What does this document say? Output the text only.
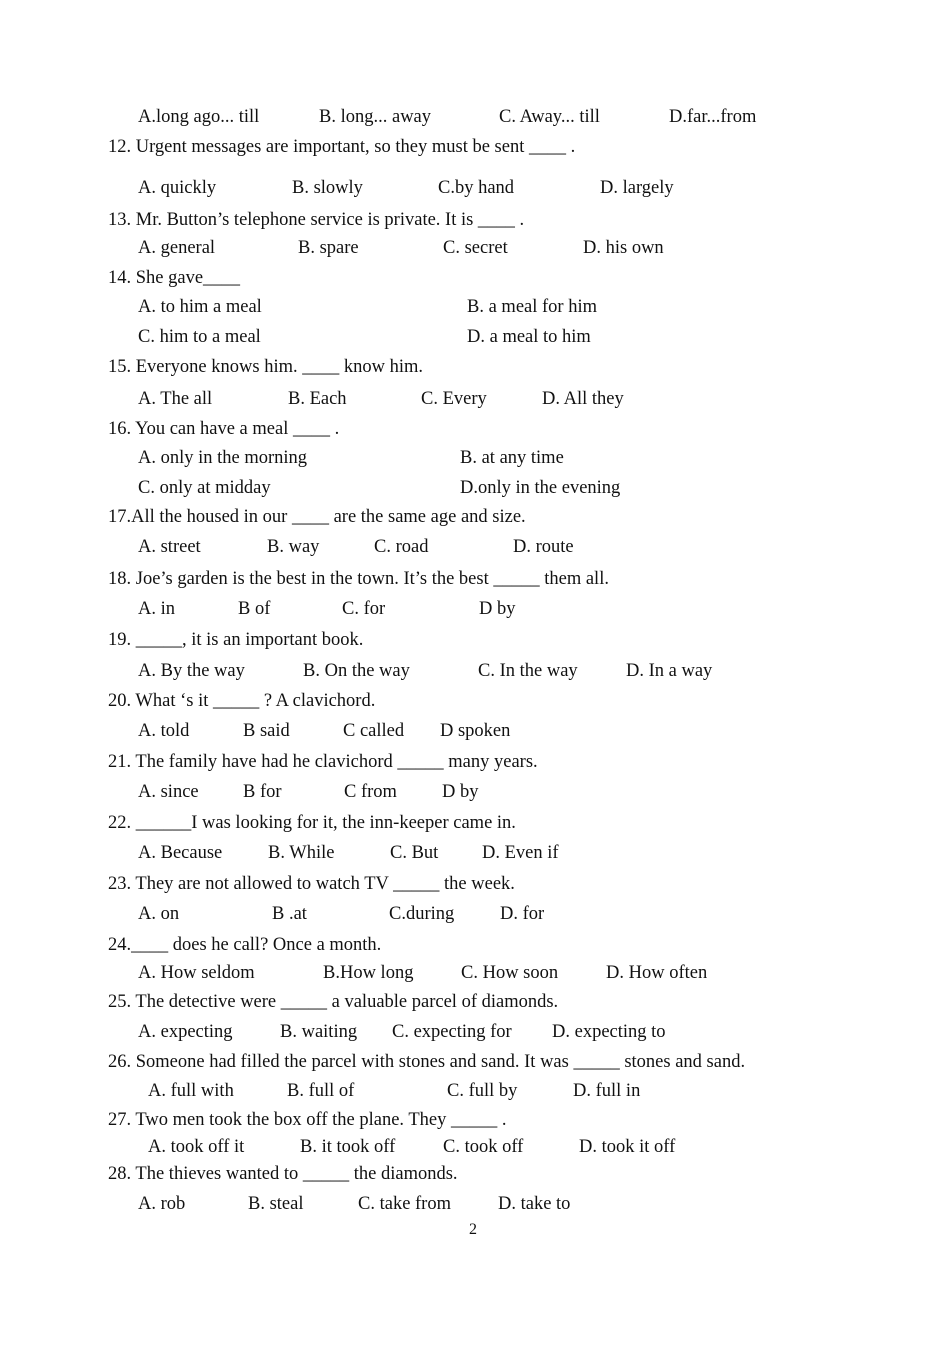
A.long ago... till	B. long... away	C. Away... till	D.far...from
12. Urgent messages are important, so they must be sent ____ .
A. quickly	B. slowly	C.by hand	D. largely
13. Mr. Button’s telephone service is private. It is ____ .
A. general	B. spare	C. secret	D. his own
14. She gave____
A. to him a meal	B. a meal for him
C. him to a meal	D. a meal to him
15. Everyone knows him. ____ know him.
A. The all	B. Each	C. Every	D. All they
16. You can have a meal ____ .
A. only in the morning	B. at any time
C. only at midday	D.only in the evening
17.All the housed in our ____ are the same age and size.
A. street	B. way	C. road	D. route
18. Joe’s garden is the best in the town. It’s the best _____ them all.
A. in	B of	C. for	D by
19. _____, it is an important book.
A. By the way	B. On the way	C. In the way	D. In a way
20. What ‘s it _____ ? A clavichord.
A. told	B said	C called D spoken
21. The family have had he clavichord _____ many years.
A. since B for	C from D by
22. ______I was looking for it, the inn-keeper came in.
A. Because B. While	C. But D. Even if
23. They are not allowed to watch TV _____ the week.
A. on	B .at	C.during D. for
24.____ does he call? Once a month.
A. How seldom	B.How long	C. How soon	D. How often
25. The detective were _____ a valuable parcel of diamonds.
A. expecting	B. waiting C. expecting for D. expecting to
26. Someone had filled the parcel with stones and sand. It was _____ stones and sand.
A. full with	B. full of	C. full by	D. full in
27. Two men took the box off the plane. They _____ .
A. took off it	B. it took off	C. took off	D. took it off
28. The thieves wanted to _____ the diamonds.
A. rob	B. steal	C. take from	D. take to
2
